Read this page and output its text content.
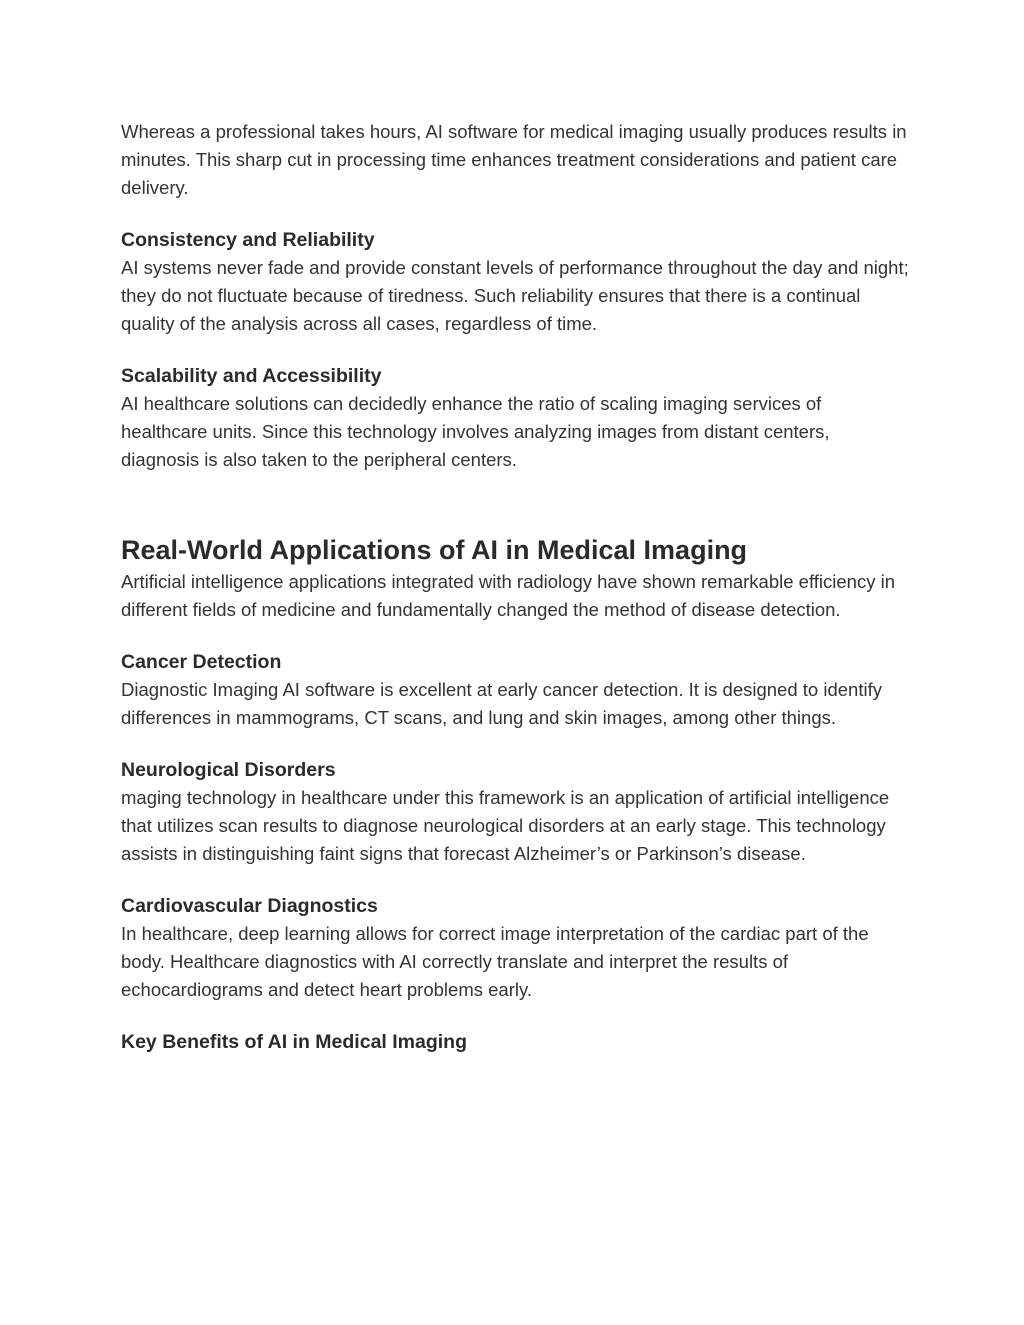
Whereas a professional takes hours, AI software for medical imaging usually produces results in minutes. This sharp cut in processing time enhances treatment considerations and patient care delivery.

Consistency and Reliability

AI systems never fade and provide constant levels of performance throughout the day and night; they do not fluctuate because of tiredness. Such reliability ensures that there is a continual quality of the analysis across all cases, regardless of time.

Scalability and Accessibility

AI healthcare solutions can decidedly enhance the ratio of scaling imaging services of healthcare units. Since this technology involves analyzing images from distant centers, diagnosis is also taken to the peripheral centers.

Real-World Applications of AI in Medical Imaging

Artificial intelligence applications integrated with radiology have shown remarkable efficiency in different fields of medicine and fundamentally changed the method of disease detection.

Cancer Detection

Diagnostic Imaging AI software is excellent at early cancer detection. It is designed to identify differences in mammograms, CT scans, and lung and skin images, among other things.

Neurological Disorders

maging technology in healthcare under this framework is an application of artificial intelligence that utilizes scan results to diagnose neurological disorders at an early stage. This technology assists in distinguishing faint signs that forecast Alzheimer’s or Parkinson’s disease.

Cardiovascular Diagnostics

In healthcare, deep learning allows for correct image interpretation of the cardiac part of the body. Healthcare diagnostics with AI correctly translate and interpret the results of echocardiograms and detect heart problems early.

Key Benefits of AI in Medical Imaging
